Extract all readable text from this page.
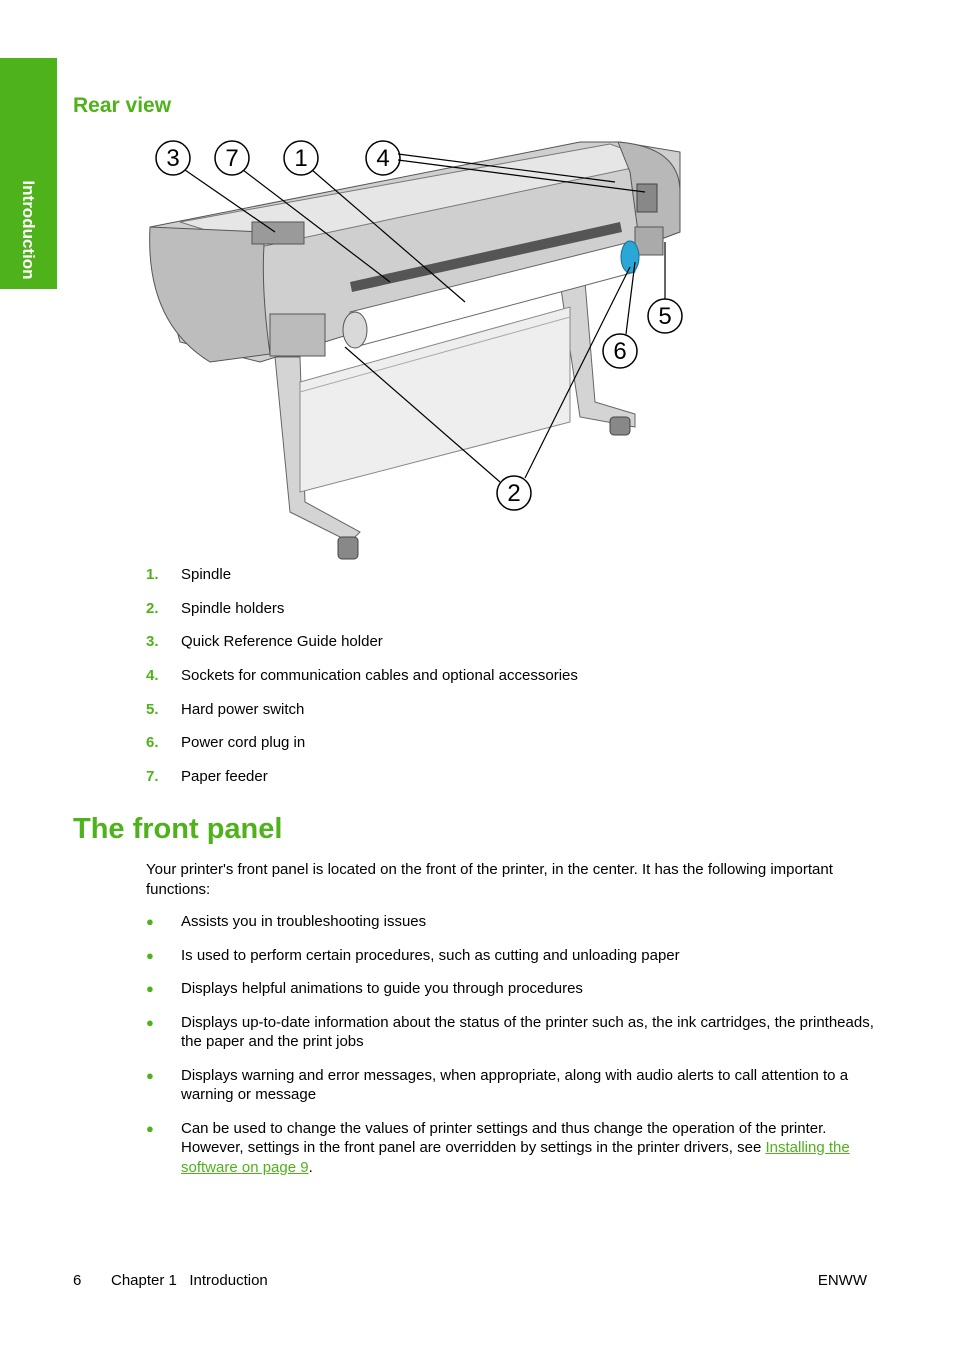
Introduction
Rear view
3 7 1	4
5
6
2
1.	Spindle
2.	Spindle holders
3.	Quick Reference Guide holder
4.	Sockets for communication cables and optional accessories
5.	Hard power switch
6.	Power cord plug in
7.	Paper feeder
The front panel

Your printer's front panel is located on the front of the printer, in the center. It has the following important functions:

●	Assists you in troubleshooting issues
●	Is used to perform certain procedures, such as cutting and unloading paper
●	Displays helpful animations to guide you through procedures
●	Displays up-to-date information about the status of the printer such as, the ink cartridges, the printheads, the paper and the print jobs
●	Displays warning and error messages, when appropriate, along with audio alerts to call attention to a warning or message
●	Can be used to change the values of printer settings and thus change the operation of the printer. However, settings in the front panel are overridden by settings in the printer drivers, see Installing the software on page 9.
6 Chapter 1   Introduction	ENWW
